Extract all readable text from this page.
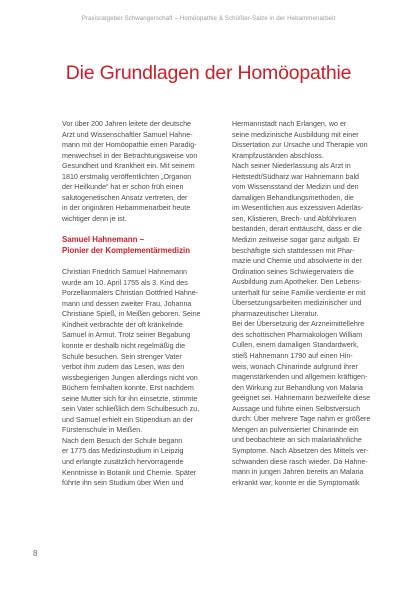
Praxisratgeber Schwangerschaft – Homöopathie & Schüßler-Salze in der Hebammenarbeit
Die Grundlagen der Homöopathie

Vor über 200 Jahren leitete der deutsche
Arzt und Wissenschaftler Samuel Hahne-
mann mit der Homöopathie einen Paradig-
menwechsel in der Betrachtungsweise von
Gesundheit und Krankheit ein. Mit seinem
1810 erstmalig veröffentlichten „Organon
der Heilkunde“ hat er schon früh einen
salutogenetischen Ansatz vertreten, der
in der originären Hebammenarbeit heute
wichtiger denn je ist.

Samuel Hahnemann –
Pionier der Komplementärmedizin

Christian Friedrich Samuel Hahnemann
wurde am 10. April 1755 als 3. Kind des
Porzellanmalers Christian Gottfried Hahne-
mann und dessen zweiter Frau, Johanna
Christiane Spieß, in Meißen geboren. Seine
Kindheit verbrachte der oft kränkelnde
Samuel in Armut. Trotz seiner Begabung
konnte er deshalb nicht regelmäßig die
Schule besuchen. Sein strenger Vater
verbot ihm zudem das Lesen, was den
wissbegierigen Jungen allerdings nicht von
Büchern fernhalten konnte. Erst nachdem
seine Mutter sich für ihn einsetzte, stimmte
sein Vater schließlich dem Schulbesuch zu,
und Samuel erhielt ein Stipendium an der
Fürstenschule in Meißen.
Nach dem Besuch der Schule begann
er 1775 das Medizinstudium in Leipzig
und erlangte zusätzlich hervorragende
Kenntnisse in Botanik und Chemie. Später
führte ihn sein Studium über Wien und

Hermannstadt nach Erlangen, wo er
seine medizinische Ausbildung mit einer
Dissertation zur Ursache und Therapie von
Krampfzuständen abschloss.
Nach seiner Niederlassung als Arzt in
Hettstedt/Südharz war Hahnemann bald
vom Wissensstand der Medizin und den
damaligen Behandlungsmethoden, die
im Wesentlichen aus exzessiven Aderläs-
sen, Klistieren, Brech- und Abführkuren
bestanden, derart enttäuscht, dass er die
Medizin zeitweise sogar ganz aufgab. Er
beschäftigte sich stattdessen mit Phar-
mazie und Chemie und absolvierte in der
Ordination seines Schwiegervaters die
Ausbildung zum Apotheker. Den Lebens-
unterhalt für seine Familie verdiente er mit
Übersetzungsarbeiten medizinischer und
pharmazeutischer Literatur.
Bei der Übersetzung der Arzneimittellehre
des schottischen Pharmakologen William
Cullen, einem damaligen Standardwerk,
stieß Hahnemann 1790 auf einen Hin-
weis, wonach Chinarinde aufgrund ihrer
magenstärkenden und allgemein kräftigen-
den Wirkung zur Behandlung von Malaria
geeignet sei. Hahnemann bezweifelte diese
Aussage und führte einen Selbstversuch
durch: Über mehrere Tage nahm er größere
Mengen an pulverisierter Chinarinde ein
und beobachtete an sich malariaähnliche
Symptome. Nach Absetzen des Mittels ver-
schwanden diese rasch wieder. Da Hahne-
mann in jungen Jahren bereits an Malaria
erkrankt war, konnte er die Symptomatik

8
